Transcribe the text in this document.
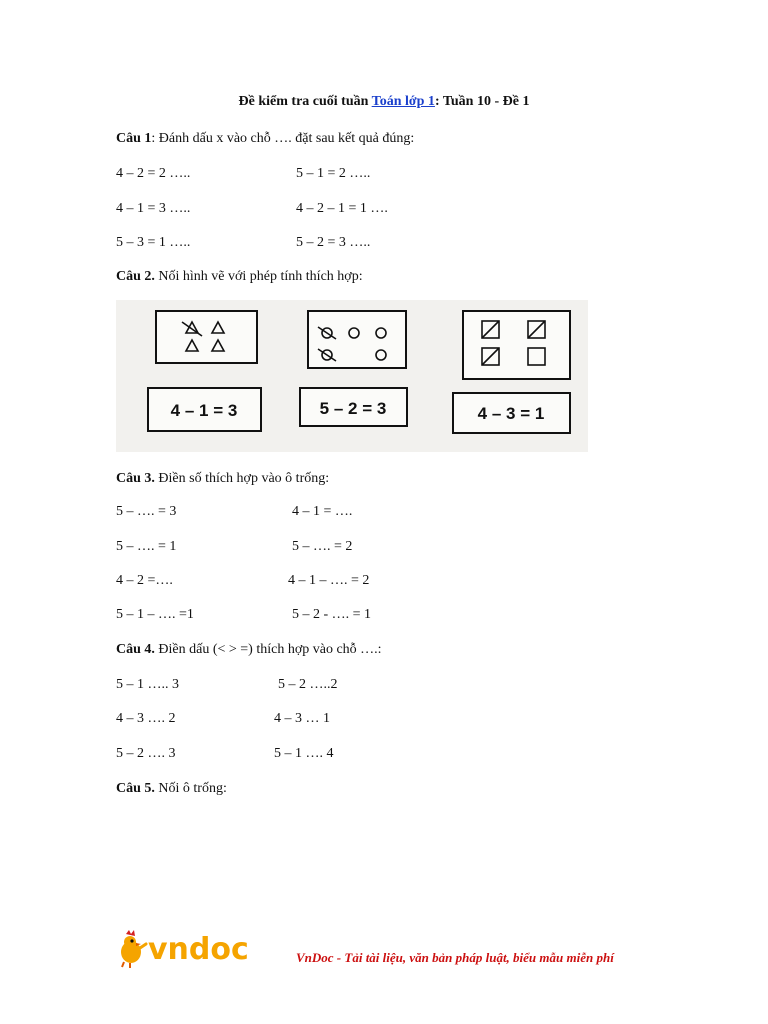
Đề kiểm tra cuối tuần Toán lớp 1: Tuần 10 - Đề 1
Câu 1: Đánh dấu x vào chỗ …. đặt sau kết quả đúng:
4 – 2 = 2 …..	5 – 1 = 2 …..
4 – 1 = 3 …..	4 – 2 – 1 = 1 ….
5 – 3 = 1 …..	5 – 2 = 3 …..
Câu 2. Nối hình vẽ với phép tính thích hợp:
4 – 1 = 3	5 – 2 = 3	4 – 3 = 1
Câu 3. Điền số thích hợp vào ô trống:
5 – …. = 3	4 – 1 = ….
5 – …. = 1	5 – …. = 2
4 – 2 =….	4 – 1 – …. = 2
5 – 1 – …. =1	5 – 2 - …. = 1
Câu 4. Điền dấu (< > =) thích hợp vào chỗ ….:
5 – 1 ….. 3	5 – 2 …..2
4 – 3 …. 2	4 – 3 … 1
5 – 2 …. 3	5 – 1 …. 4
Câu 5. Nối ô trống:
vndoc	VnDoc - Tải tài liệu, văn bản pháp luật, biểu mẫu miễn phí
